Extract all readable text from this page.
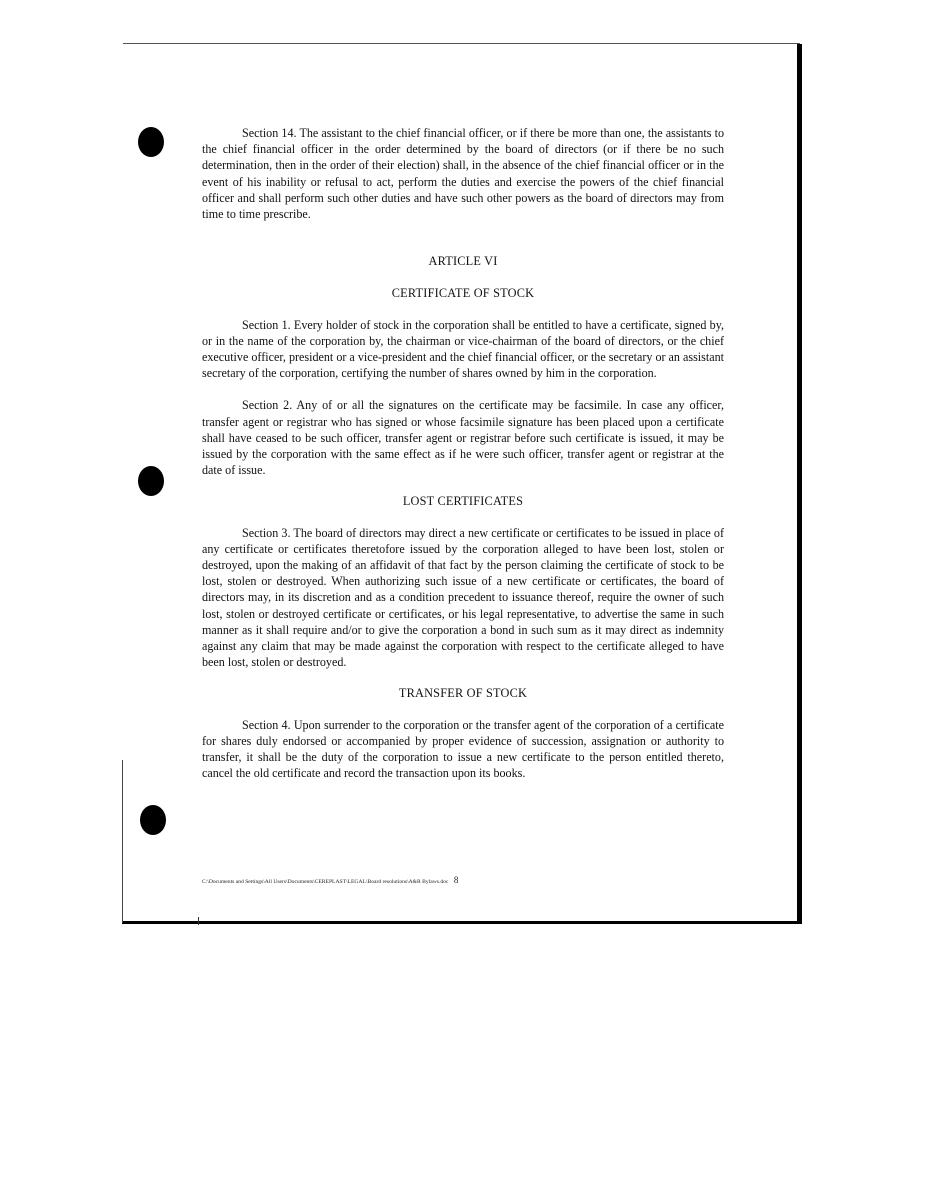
Section 14. The assistant to the chief financial officer, or if there be more than one, the assistants to the chief financial officer in the order determined by the board of directors (or if there be no such determination, then in the order of their election) shall, in the absence of the chief financial officer or in the event of his inability or refusal to act, perform the duties and exercise the powers of the chief financial officer and shall perform such other duties and have such other powers as the board of directors may from time to time prescribe.

ARTICLE VI

CERTIFICATE OF STOCK

Section 1. Every holder of stock in the corporation shall be entitled to have a certificate, signed by, or in the name of the corporation by, the chairman or vice-chairman of the board of directors, or the chief executive officer, president or a vice-president and the chief financial officer, or the secretary or an assistant secretary of the corporation, certifying the number of shares owned by him in the corporation.

Section 2. Any of or all the signatures on the certificate may be facsimile. In case any officer, transfer agent or registrar who has signed or whose facsimile signature has been placed upon a certificate shall have ceased to be such officer, transfer agent or registrar before such certificate is issued, it may be issued by the corporation with the same effect as if he were such officer, transfer agent or registrar at the date of issue.

LOST CERTIFICATES

Section 3. The board of directors may direct a new certificate or certificates to be issued in place of any certificate or certificates theretofore issued by the corporation alleged to have been lost, stolen or destroyed, upon the making of an affidavit of that fact by the person claiming the certificate of stock to be lost, stolen or destroyed. When authorizing such issue of a new certificate or certificates, the board of directors may, in its discretion and as a condition precedent to issuance thereof, require the owner of such lost, stolen or destroyed certificate or certificates, or his legal representative, to advertise the same in such manner as it shall require and/or to give the corporation a bond in such sum as it may direct as indemnity against any claim that may be made against the corporation with respect to the certificate alleged to have been lost, stolen or destroyed.

TRANSFER OF STOCK

Section 4. Upon surrender to the corporation or the transfer agent of the corporation of a certificate for shares duly endorsed or accompanied by proper evidence of succession, assignation or authority to transfer, it shall be the duty of the corporation to issue a new certificate to the person entitled thereto, cancel the old certificate and record the transaction upon its books.

C:\Documents and Settings\All Users\Documents\CEREPLAST\LEGAL\Board resolutions\A&R Bylaws.doc 8
